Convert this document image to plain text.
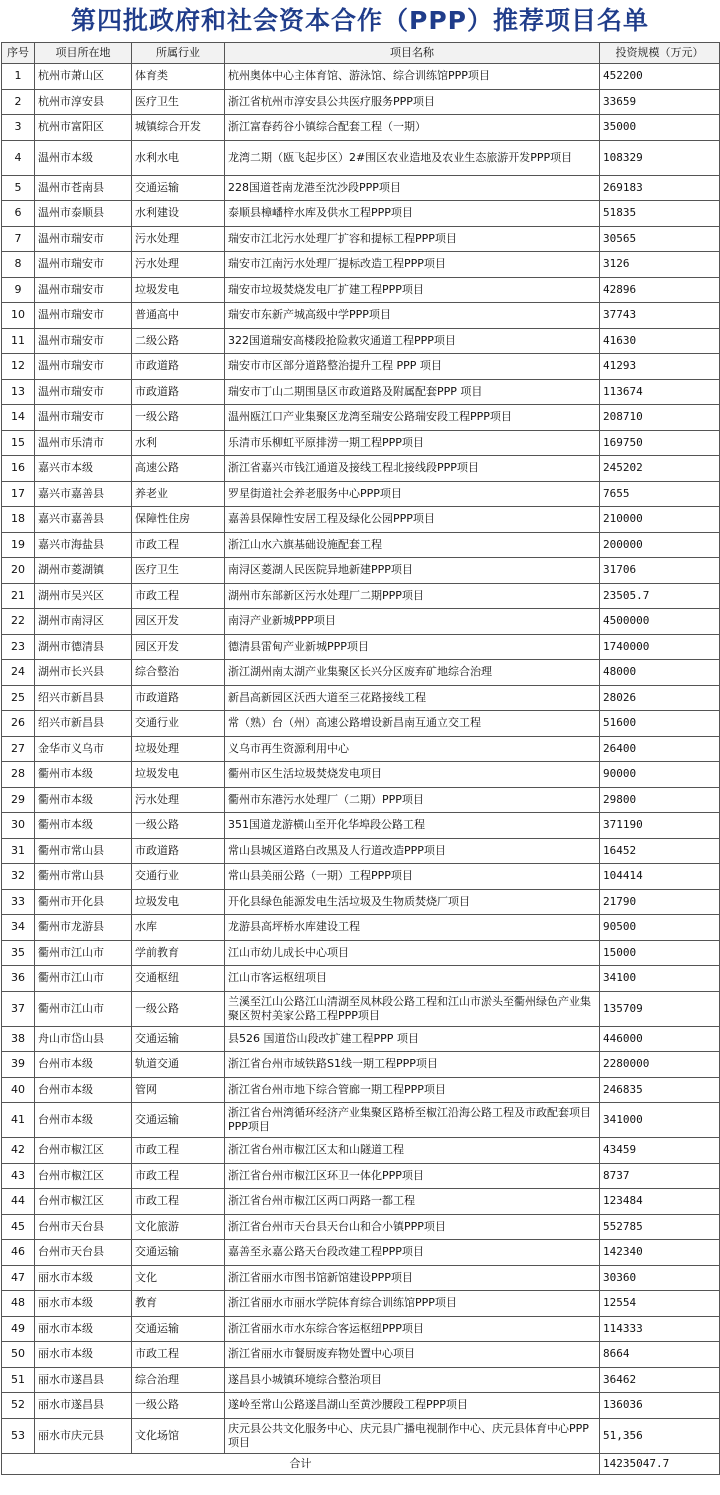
第四批政府和社会资本合作（PPP）推荐项目名单
序号	项目所在地	所属行业	项目名称	投资规模（万元）
1	杭州市萧山区	体育类	杭州奥体中心主体育馆、游泳馆、综合训练馆PPP项目	452200
2	杭州市淳安县	医疗卫生	浙江省杭州市淳安县公共医疗服务PPP项目	33659
3	杭州市富阳区	城镇综合开发	浙江富春药谷小镇综合配套工程（一期）	35000
4	温州市本级	水利水电	龙湾二期（瓯飞起步区）2#围区农业造地及农业生态旅游开发PPP项目	108329
5	温州市苍南县	交通运输	228国道苍南龙港至沈沙段PPP项目	269183
6	温州市泰顺县	水利建设	泰顺县樟嶓梓水库及供水工程PPP项目	51835
7	温州市瑞安市	污水处理	瑞安市江北污水处理厂扩容和提标工程PPP项目	30565
8	温州市瑞安市	污水处理	瑞安市江南污水处理厂提标改造工程PPP项目	3126
9	温州市瑞安市	垃圾发电	瑞安市垃圾焚烧发电厂扩建工程PPP项目	42896
10	温州市瑞安市	普通高中	瑞安市东新产城高级中学PPP项目	37743
11	温州市瑞安市	二级公路	322国道瑞安高楼段抢险救灾通道工程PPP项目	41630
12	温州市瑞安市	市政道路	瑞安市市区部分道路整治提升工程 PPP 项目	41293
13	温州市瑞安市	市政道路	瑞安市丁山二期围垦区市政道路及附属配套PPP 项目	113674
14	温州市瑞安市	一级公路	温州瓯江口产业集聚区龙湾至瑞安公路瑞安段工程PPP项目	208710
15	温州市乐清市	水利	乐清市乐柳虹平原排涝一期工程PPP项目	169750
16	嘉兴市本级	高速公路	浙江省嘉兴市钱江通道及接线工程北接线段PPP项目	245202
17	嘉兴市嘉善县	养老业	罗星街道社会养老服务中心PPP项目	7655
18	嘉兴市嘉善县	保障性住房	嘉善县保障性安居工程及绿化公园PPP项目	210000
19	嘉兴市海盐县	市政工程	浙江山水六旗基础设施配套工程	200000
20	湖州市菱湖镇	医疗卫生	南浔区菱湖人民医院异地新建PPP项目	31706
21	湖州市吴兴区	市政工程	湖州市东部新区污水处理厂二期PPP项目	23505.7
22	湖州市南浔区	园区开发	南浔产业新城PPP项目	4500000
23	湖州市德清县	园区开发	德清县雷甸产业新城PPP项目	1740000
24	湖州市长兴县	综合整治	浙江湖州南太湖产业集聚区长兴分区废弃矿地综合治理	48000
25	绍兴市新昌县	市政道路	新昌高新园区沃西大道至三花路接线工程	28026
26	绍兴市新昌县	交通行业	常（熟）台（州）高速公路增设新昌南互通立交工程	51600
27	金华市义乌市	垃圾处理	义乌市再生资源利用中心	26400
28	衢州市本级	垃圾发电	衢州市区生活垃圾焚烧发电项目	90000
29	衢州市本级	污水处理	衢州市东港污水处理厂（二期）PPP项目	29800
30	衢州市本级	一级公路	351国道龙游横山至开化华埠段公路工程	371190
31	衢州市常山县	市政道路	常山县城区道路白改黑及人行道改造PPP项目	16452
32	衢州市常山县	交通行业	常山县美丽公路（一期）工程PPP项目	104414
33	衢州市开化县	垃圾发电	开化县绿色能源发电生活垃圾及生物质焚烧厂项目	21790
34	衢州市龙游县	水库	龙游县高坪桥水库建设工程	90500
35	衢州市江山市	学前教育	江山市幼儿成长中心项目	15000
36	衢州市江山市	交通枢纽	江山市客运枢纽项目	34100
37	衢州市江山市	一级公路	兰溪至江山公路江山清湖至凤林段公路工程和江山市淤头至衢州绿色产业集聚区贺村美家公路工程PPP项目	135709
38	舟山市岱山县	交通运输	县526 国道岱山段改扩建工程PPP 项目	446000
39	台州市本级	轨道交通	浙江省台州市域铁路S1线一期工程PPP项目	2280000
40	台州市本级	管网	浙江省台州市地下综合管廊一期工程PPP项目	246835
41	台州市本级	交通运输	浙江省台州湾循环经济产业集聚区路桥至椒江沿海公路工程及市政配套项目PPP项目	341000
42	台州市椒江区	市政工程	浙江省台州市椒江区太和山隧道工程	43459
43	台州市椒江区	市政工程	浙江省台州市椒江区环卫一体化PPP项目	8737
44	台州市椒江区	市政工程	浙江省台州市椒江区两口两路一都工程	123484
45	台州市天台县	文化旅游	浙江省台州市天台县天台山和合小镇PPP项目	552785
46	台州市天台县	交通运输	嘉善至永嘉公路天台段改建工程PPP项目	142340
47	丽水市本级	文化	浙江省丽水市图书馆新馆建设PPP项目	30360
48	丽水市本级	教育	浙江省丽水市丽水学院体育综合训练馆PPP项目	12554
49	丽水市本级	交通运输	浙江省丽水市水东综合客运枢纽PPP项目	114333
50	丽水市本级	市政工程	浙江省丽水市餐厨废弃物处置中心项目	8664
51	丽水市遂昌县	综合治理	遂昌县小城镇环境综合整治项目	36462
52	丽水市遂昌县	一级公路	遂岭至常山公路遂昌湖山至黄沙腰段工程PPP项目	136036
53	丽水市庆元县	文化场馆	庆元县公共文化服务中心、庆元县广播电视制作中心、庆元县体育中心PPP项目	51,356
合计				14235047.7
